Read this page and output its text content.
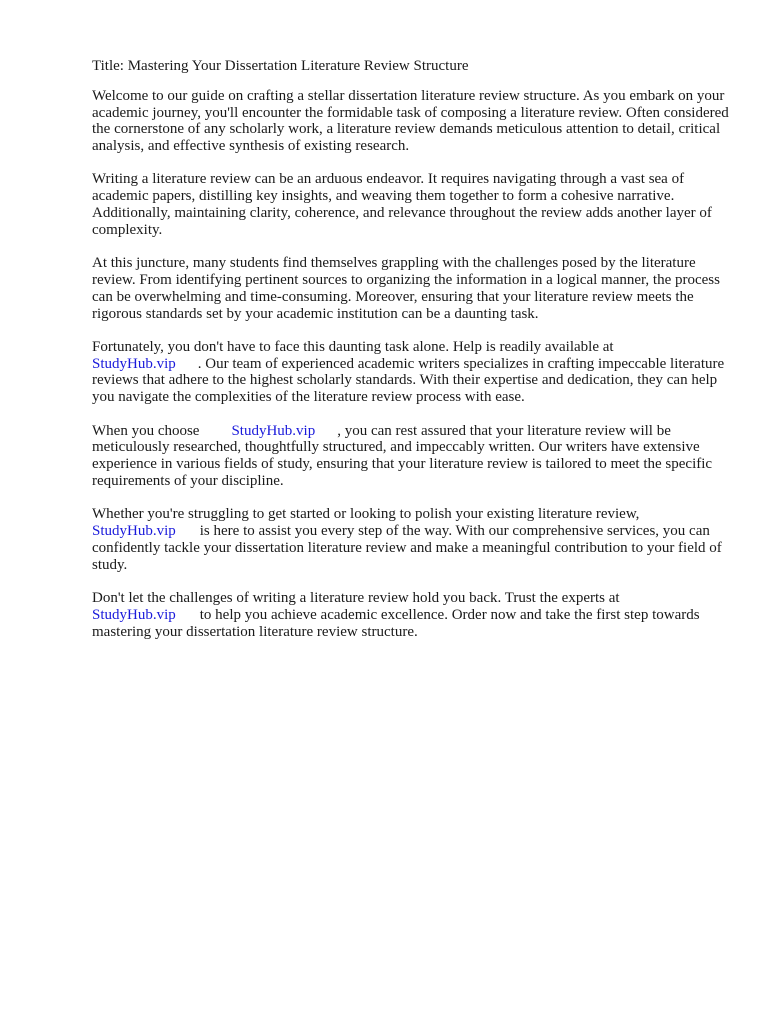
Title: Mastering Your Dissertation Literature Review Structure

Welcome to our guide on crafting a stellar dissertation literature review structure. As you embark on your academic journey, you'll encounter the formidable task of composing a literature review. Often considered the cornerstone of any scholarly work, a literature review demands meticulous attention to detail, critical analysis, and effective synthesis of existing research.

Writing a literature review can be an arduous endeavor. It requires navigating through a vast sea of academic papers, distilling key insights, and weaving them together to form a cohesive narrative. Additionally, maintaining clarity, coherence, and relevance throughout the review adds another layer of complexity.

At this juncture, many students find themselves grappling with the challenges posed by the literature review. From identifying pertinent sources to organizing the information in a logical manner, the process can be overwhelming and time-consuming. Moreover, ensuring that your literature review meets the rigorous standards set by your academic institution can be a daunting task.

Fortunately, you don't have to face this daunting task alone. Help is readily available at
StudyHub.vip . Our team of experienced academic writers specializes in crafting impeccable literature reviews that adhere to the highest scholarly standards. With their expertise and dedication, they can help you navigate the complexities of the literature review process with ease.

When you choose StudyHub.vip , you can rest assured that your literature review will be meticulously researched, thoughtfully structured, and impeccably written. Our writers have extensive experience in various fields of study, ensuring that your literature review is tailored to meet the specific requirements of your discipline.

Whether you're struggling to get started or looking to polish your existing literature review,
StudyHub.vip is here to assist you every step of the way. With our comprehensive services, you can confidently tackle your dissertation literature review and make a meaningful contribution to your field of study.

Don't let the challenges of writing a literature review hold you back. Trust the experts at
StudyHub.vip to help you achieve academic excellence. Order now and take the first step towards mastering your dissertation literature review structure.
